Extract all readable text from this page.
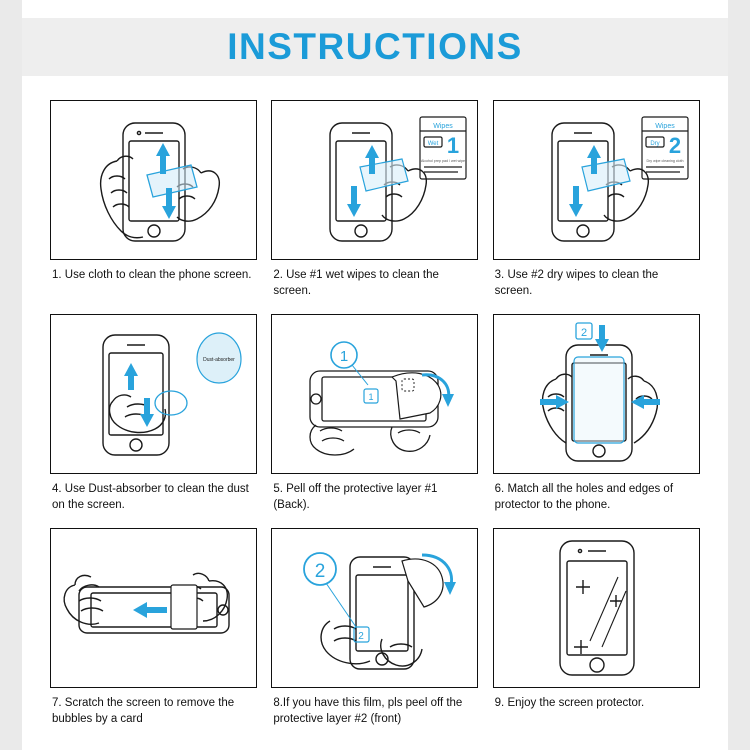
INSTRUCTIONS
1. Use cloth to clean the phone screen.
Wipes
Wet 1
Alcohol prep pad / wet wipe
2. Use #1 wet wipes to clean the screen.
Wipes
Dry 2
Dry wipe cleaning cloth
3. Use #2 dry wipes to clean the screen.
Dust-absorber
4. Use Dust-absorber to clean the dust on the screen.
1
1
5. Pell off the protective layer #1 (Back).
2
6. Match all the holes and edges of protector to the phone.
7. Scratch the screen to remove the bubbles by a card
2
2
8.If you have this film, pls peel off the protective layer #2 (front)
9. Enjoy the screen protector.
